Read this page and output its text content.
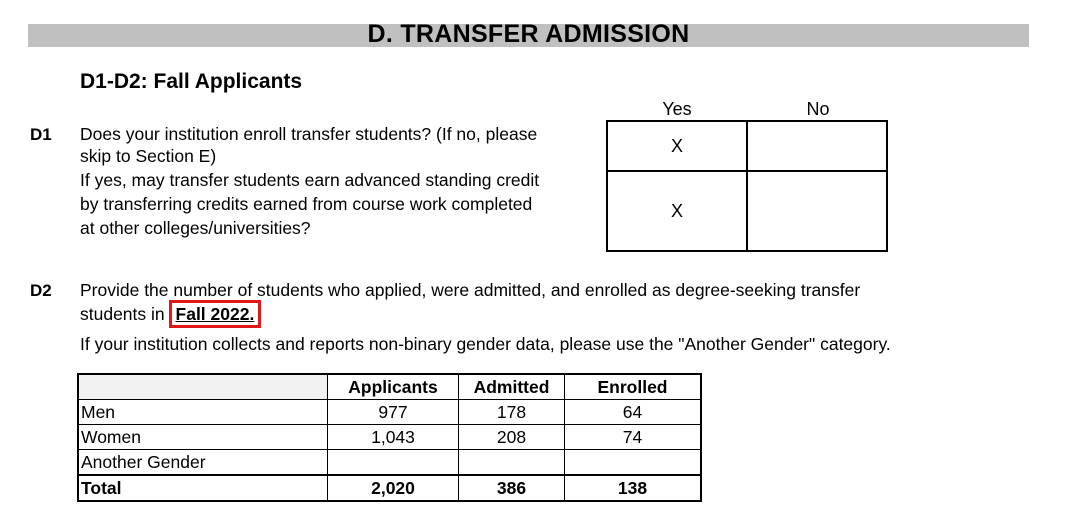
D. TRANSFER ADMISSION
D1-D2: Fall Applicants
Yes	No
D1 Does your institution enroll transfer students? (If no, please
skip to Section E)
If yes, may transfer students earn advanced standing credit
by transferring credits earned from course work completed
at other colleges/universities?
X	
X	
D2 Provide the number of students who applied, were admitted, and enrolled as degree-seeking transfer
students in Fall 2022.
If your institution collects and reports non-binary gender data, please use the "Another Gender" category.
	Applicants	Admitted	Enrolled
Men	977	178	64
Women	1,043	208	74
Another Gender			
Total	2,020	386	138
